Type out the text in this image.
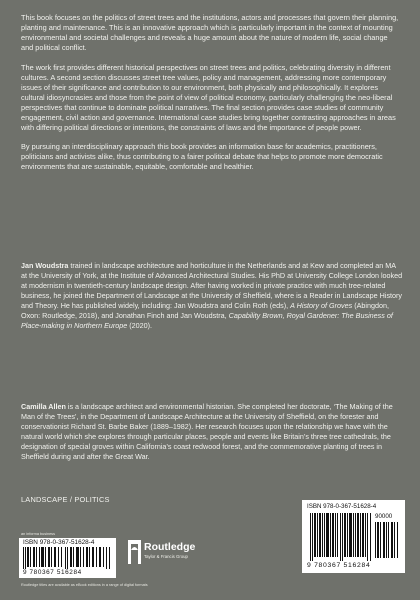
This book focuses on the politics of street trees and the institutions, actors and processes that govern their planning, planting and maintenance. This is an innovative approach which is particularly important in the context of mounting environmental and societal challenges and reveals a huge amount about the nature of modern life, social change and political conflict.

The work first provides different historical perspectives on street trees and politics, celebrating diversity in different cultures. A second section discusses street tree values, policy and management, addressing more contemporary issues of their significance and contribution to our environment, both physically and philosophically. It explores cultural idiosyncrasies and those from the point of view of political economy, particularly challenging the neo-liberal perspectives that continue to dominate political narratives. The final section provides case studies of community engagement, civil action and governance. International case studies bring together contrasting approaches in areas with differing political directions or intentions, the constraints of laws and the importance of people power.

By pursuing an interdisciplinary approach this book provides an information base for academics, practitioners, politicians and activists alike, thus contributing to a fairer political debate that helps to promote more democratic environments that are sustainable, equitable, comfortable and healthier.

Jan Woudstra trained in landscape architecture and horticulture in the Netherlands and at Kew and completed an MA at the University of York, at the Institute of Advanced Architectural Studies. His PhD at University College London looked at modernism in twentieth-century landscape design. After having worked in private practice with much tree-related business, he joined the Department of Landscape at the University of Sheffield, where is a Reader in Landscape History and Theory. He has published widely, including: Jan Woudstra and Colin Roth (eds), A History of Groves (Abingdon, Oxon: Routledge, 2018), and Jonathan Finch and Jan Woudstra, Capability Brown, Royal Gardener: The Business of Place-making in Northern Europe (2020).
Camilla Allen is a landscape architect and environmental historian. She completed her doctorate, ‘The Making of the Man of the Trees’, in the Department of Landscape Architecture at the University of Sheffield, on the forester and conservationist Richard St. Barbe Baker (1889–1982). Her research focuses upon the relationship we have with the natural world which she explores through particular places, people and events like Britain’s three tree cathedrals, the designation of special groves within California’s coast redwood forest, and the commemorative planting of trees in Sheffield during and after the Great War.
LANDSCAPE / POLITICS
an informa business
ISBN 978-0-367-51628-4
9 780367 516284
Routledge
Taylor & Francis Group
Routledge titles are available as eBook editions in a range of digital formats
ISBN 978-0-367-51628-4
90000
9 780367 516284
